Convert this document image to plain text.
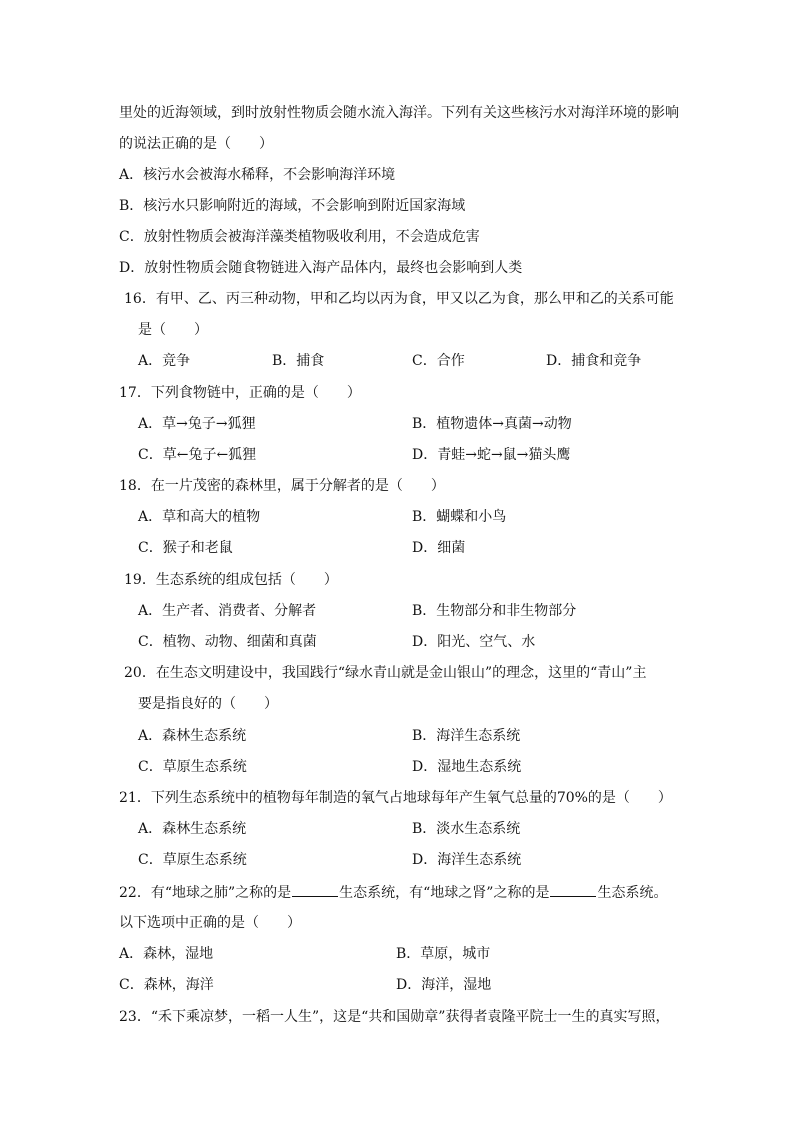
里处的近海领域，到时放射性物质会随水流入海洋。下列有关这些核污水对海洋环境的影响
的说法正确的是（　　）
A．核污水会被海水稀释，不会影响海洋环境
B．核污水只影响附近的海域，不会影响到附近国家海域
C．放射性物质会被海洋藻类植物吸收利用，不会造成危害
D．放射性物质会随食物链进入海产品体内，最终也会影响到人类
16．有甲、乙、丙三种动物，甲和乙均以丙为食，甲又以乙为食，那么甲和乙的关系可能
是（　　）
A．竞争	B．捕食	C．合作	D．捕食和竞争
17．下列食物链中，正确的是（　　）
A．草→兔子→狐狸	B．植物遗体→真菌→动物
C．草←兔子←狐狸	D．青蛙→蛇→鼠→猫头鹰
18．在一片茂密的森林里，属于分解者的是（　　）
A．草和高大的植物	B．蝴蝶和小鸟
C．猴子和老鼠	D．细菌
19．生态系统的组成包括（　　）
A．生产者、消费者、分解者	B．生物部分和非生物部分
C．植物、动物、细菌和真菌	D．阳光、空气、水
20．在生态文明建设中，我国践行“绿水青山就是金山银山”的理念，这里的“青山”主
要是指良好的（　　）
A．森林生态系统	B．海洋生态系统
C．草原生态系统	D．湿地生态系统
21．下列生态系统中的植物每年制造的氧气占地球每年产生氧气总量的70%的是（　　）
A．森林生态系统	B．淡水生态系统
C．草原生态系统	D．海洋生态系统
22．有“地球之肺”之称的是	生态系统，有“地球之肾”之称的是	生态系统。
以下选项中正确的是（　　）
A．森林，湿地	B．草原，城市
C．森林，海洋	D．海洋，湿地
23．“禾下乘凉梦，一稻一人生”，这是“共和国勋章”获得者袁隆平院士一生的真实写照，
